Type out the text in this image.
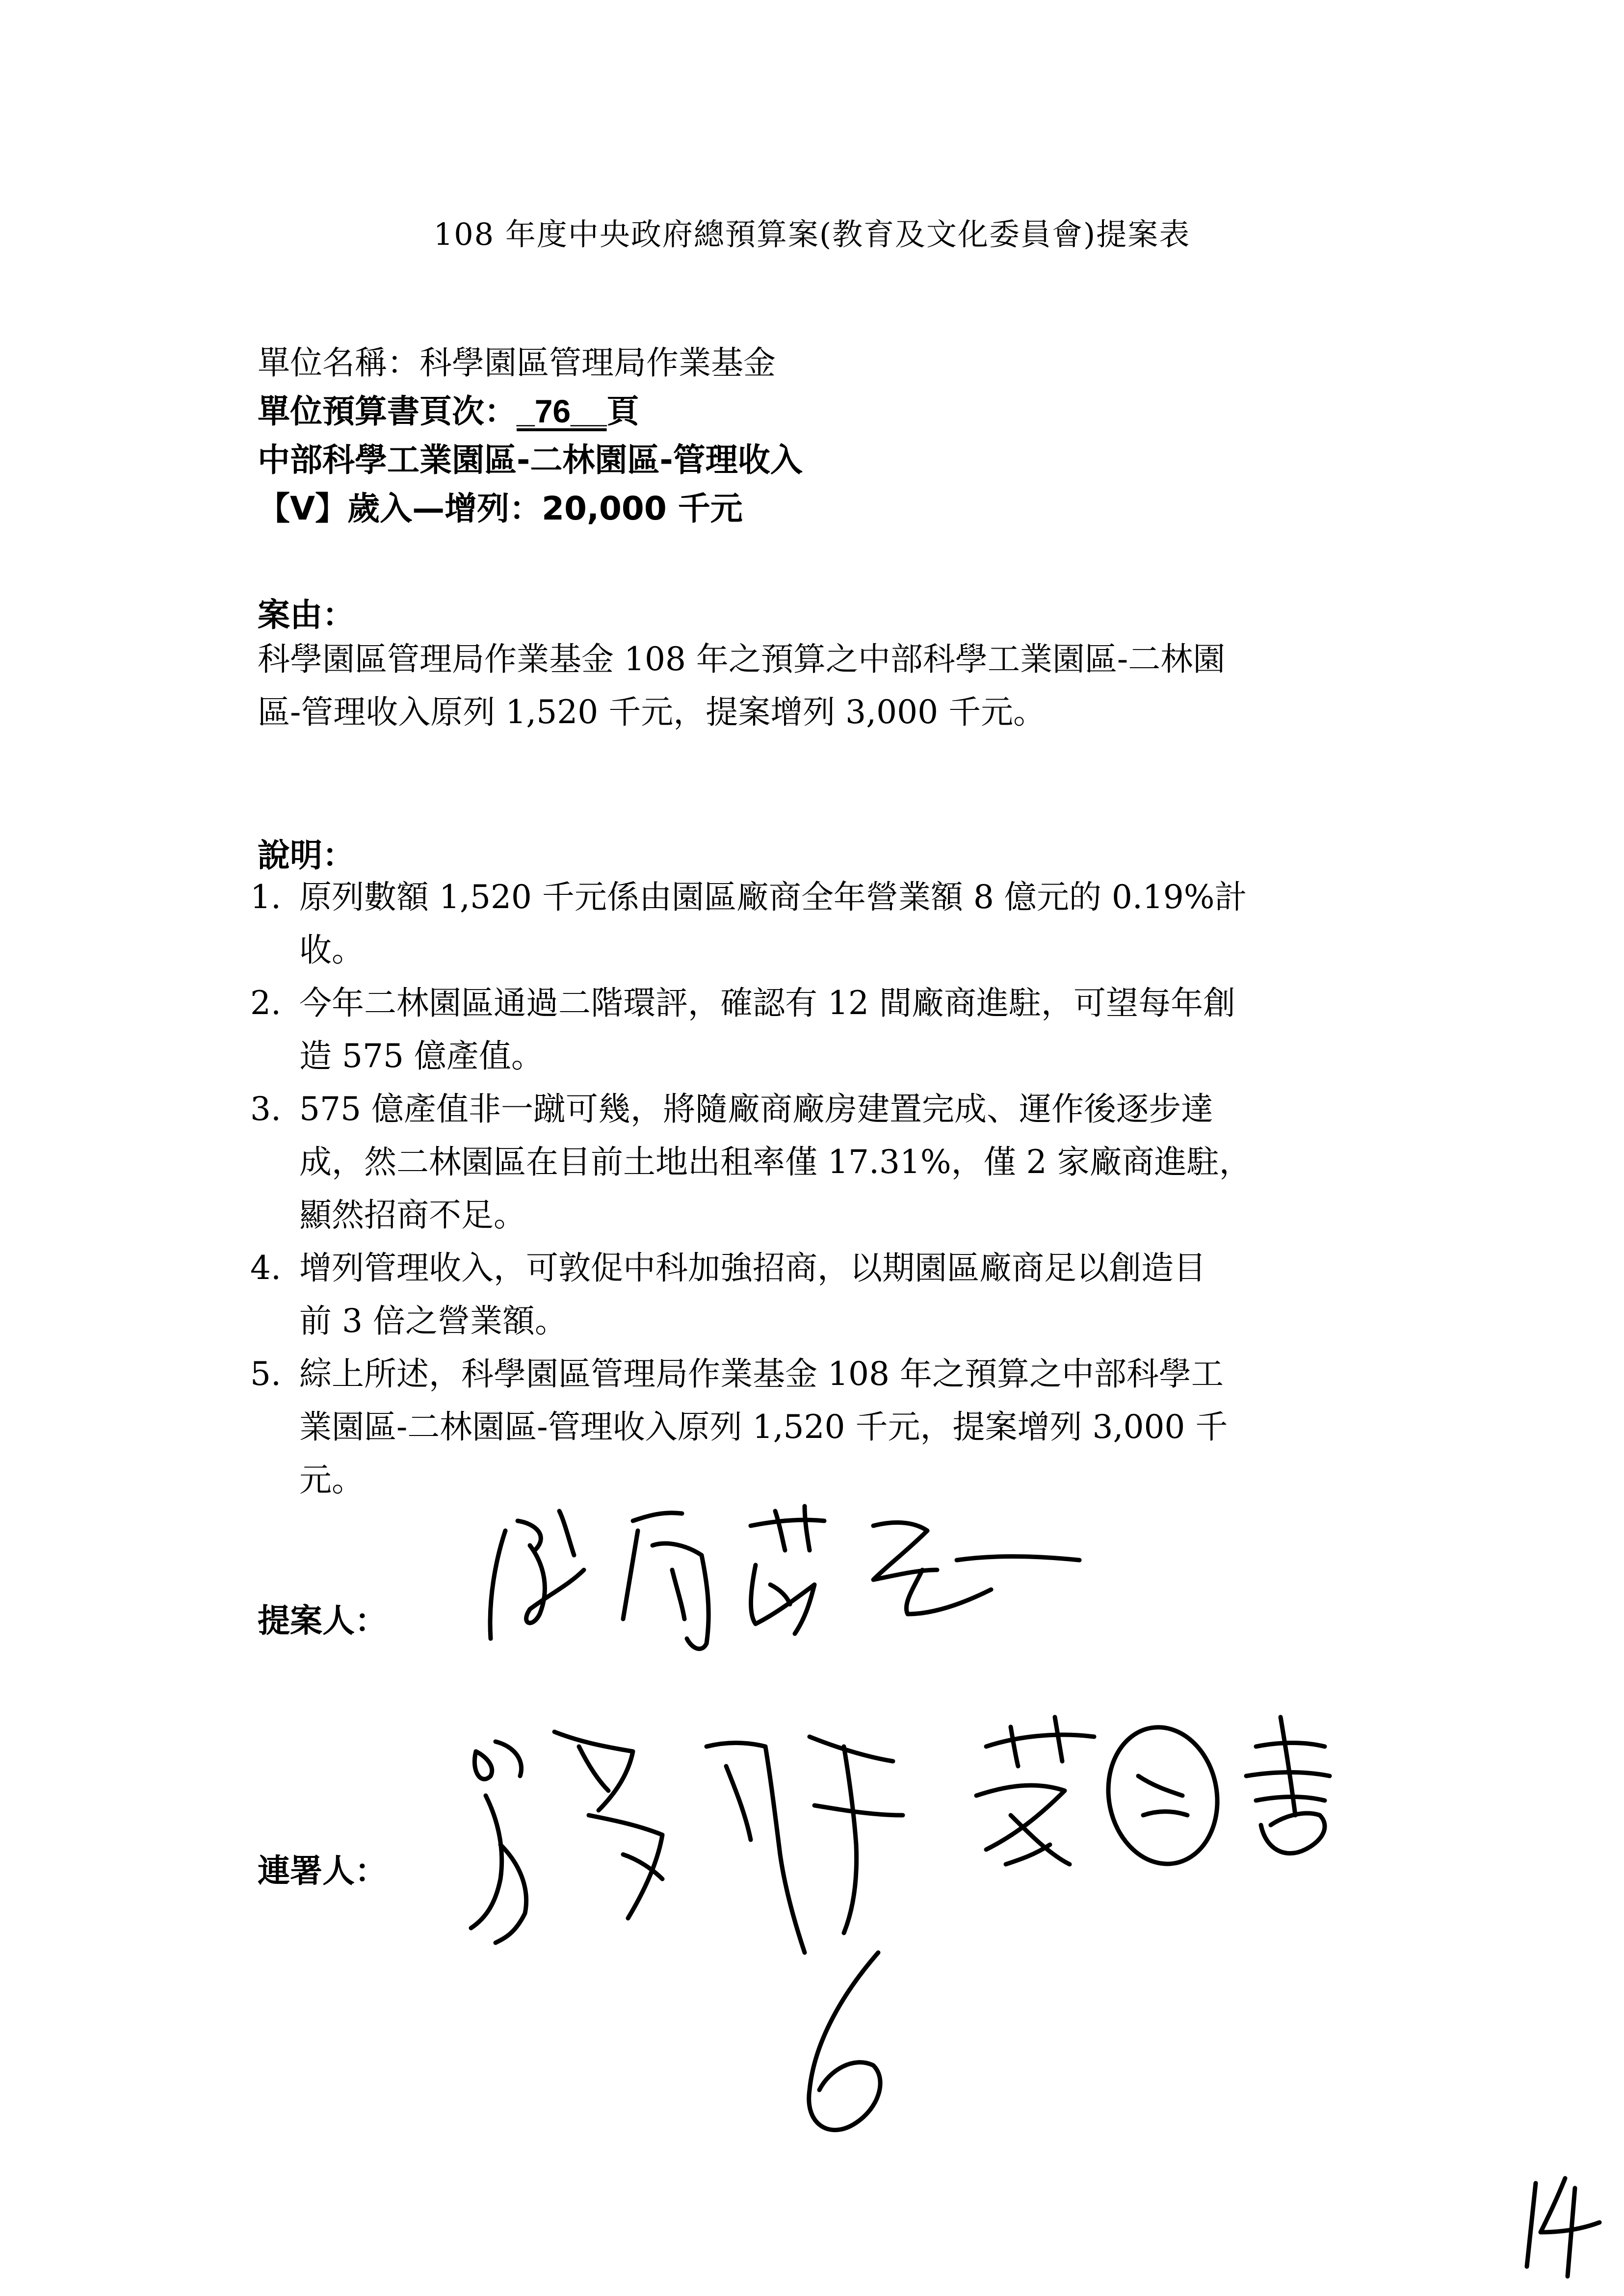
108 年度中央政府總預算案(教育及文化委員會)提案表
單位名稱：科學園區管理局作業基金
單位預算書頁次：_76__頁
中部科學工業園區-二林園區-管理收入
【V】歲入—增列：20,000 千元
案由：
科學園區管理局作業基金 108 年之預算之中部科學工業園區-二林園
區-管理收入原列 1,520 千元，提案增列 3,000 千元。
說明：
1. 原列數額 1,520 千元係由園區廠商全年營業額 8 億元的 0.19%計
收。
2. 今年二林園區通過二階環評，確認有 12 間廠商進駐，可望每年創
造 575 億產值。
3. 575 億產值非一蹴可幾，將隨廠商廠房建置完成、運作後逐步達
成，然二林園區在目前土地出租率僅 17.31%，僅 2 家廠商進駐，
顯然招商不足。
4. 增列管理收入，可敦促中科加強招商，以期園區廠商足以創造目
前 3 倍之營業額。
5. 綜上所述，科學園區管理局作業基金 108 年之預算之中部科學工
業園區-二林園區-管理收入原列 1,520 千元，提案增列 3,000 千
元。
提案人：
連署人：
